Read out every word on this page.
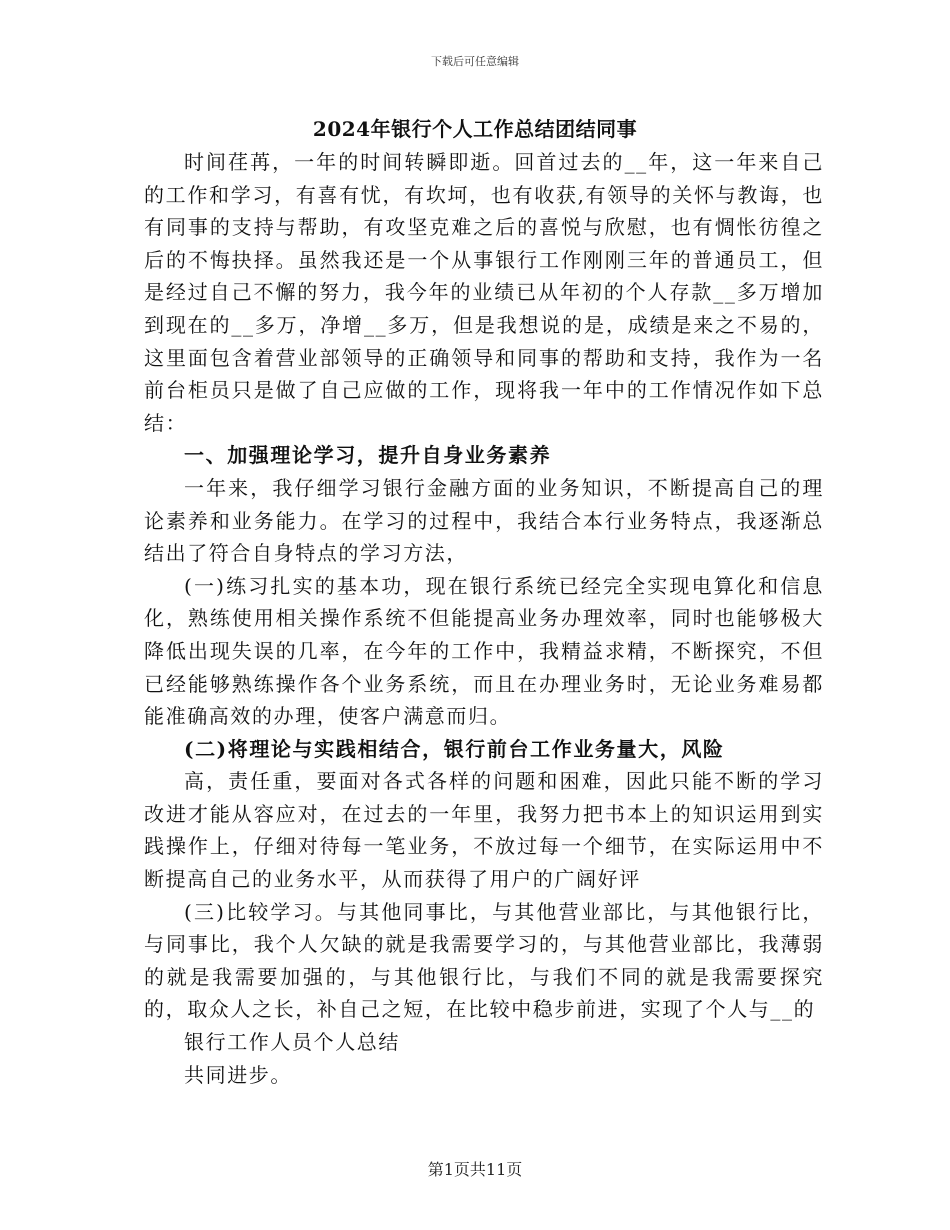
下载后可任意编辑
2024年银行个人工作总结团结同事

时间荏苒，一年的时间转瞬即逝。回首过去的__年，这一年来自己的工作和学习，有喜有忧，有坎坷，也有收获,有领导的关怀与教诲，也有同事的支持与帮助，有攻坚克难之后的喜悦与欣慰，也有惆怅彷徨之后的不悔抉择。虽然我还是一个从事银行工作刚刚三年的普通员工，但是经过自己不懈的努力，我今年的业绩已从年初的个人存款__多万增加到现在的__多万，净增__多万，但是我想说的是，成绩是来之不易的，这里面包含着营业部领导的正确领导和同事的帮助和支持，我作为一名前台柜员只是做了自己应做的工作，现将我一年中的工作情况作如下总结：

一、加强理论学习，提升自身业务素养

一年来，我仔细学习银行金融方面的业务知识，不断提高自己的理论素养和业务能力。在学习的过程中，我结合本行业务特点，我逐渐总结出了符合自身特点的学习方法，

(一)练习扎实的基本功，现在银行系统已经完全实现电算化和信息化，熟练使用相关操作系统不但能提高业务办理效率，同时也能够极大降低出现失误的几率，在今年的工作中，我精益求精，不断探究，不但已经能够熟练操作各个业务系统，而且在办理业务时，无论业务难易都能准确高效的办理，使客户满意而归。

(二)将理论与实践相结合，银行前台工作业务量大，风险

高，责任重，要面对各式各样的问题和困难，因此只能不断的学习改进才能从容应对，在过去的一年里，我努力把书本上的知识运用到实践操作上，仔细对待每一笔业务，不放过每一个细节，在实际运用中不断提高自己的业务水平，从而获得了用户的广阔好评

(三)比较学习。与其他同事比，与其他营业部比，与其他银行比，与同事比，我个人欠缺的就是我需要学习的，与其他营业部比，我薄弱的就是我需要加强的，与其他银行比，与我们不同的就是我需要探究的，取众人之长，补自己之短，在比较中稳步前进，实现了个人与__的

银行工作人员个人总结

共同进步。

第1页共11页
